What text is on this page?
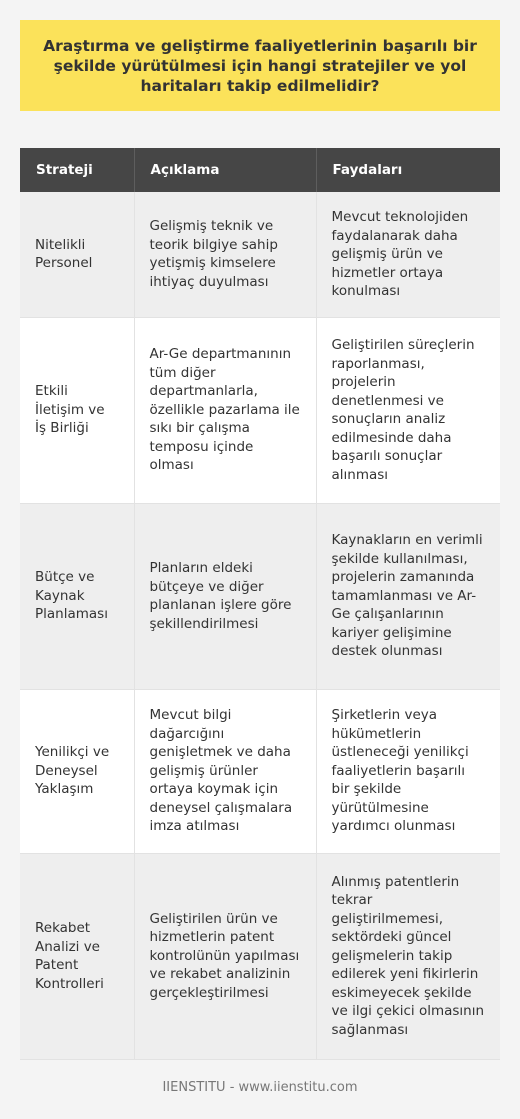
Araştırma ve geliştirme faaliyetlerinin başarılı bir şekilde yürütülmesi için hangi stratejiler ve yol haritaları takip edilmelidir?
Strateji	Açıklama	Faydaları
Nitelikli Personel	Gelişmiş teknik ve teorik bilgiye sahip yetişmiş kimselere ihtiyaç duyulması	Mevcut teknolojiden faydalanarak daha gelişmiş ürün ve hizmetler ortaya konulması
Etkili İletişim ve İş Birliği	Ar-Ge departmanının tüm diğer departmanlarla, özellikle pazarlama ile sıkı bir çalışma temposu içinde olması	Geliştirilen süreçlerin raporlanması, projelerin denetlenmesi ve sonuçların analiz edilmesinde daha başarılı sonuçlar alınması
Bütçe ve Kaynak Planlaması	Planların eldeki bütçeye ve diğer planlanan işlere göre şekillendirilmesi	Kaynakların en verimli şekilde kullanılması, projelerin zamanında tamamlanması ve Ar-Ge çalışanlarının kariyer gelişimine destek olunması
Yenilikçi ve Deneysel Yaklaşım	Mevcut bilgi dağarcığını genişletmek ve daha gelişmiş ürünler ortaya koymak için deneysel çalışmalara imza atılması	Şirketlerin veya hükümetlerin üstleneceği yenilikçi faaliyetlerin başarılı bir şekilde yürütülmesine yardımcı olunması
Rekabet Analizi ve Patent Kontrolleri	Geliştirilen ürün ve hizmetlerin patent kontrolünün yapılması ve rekabet analizinin gerçekleştirilmesi	Alınmış patentlerin tekrar geliştirilmemesi, sektördeki güncel gelişmelerin takip edilerek yeni fikirlerin eskimeyecek şekilde ve ilgi çekici olmasının sağlanması
IIENSTITU - www.iienstitu.com
